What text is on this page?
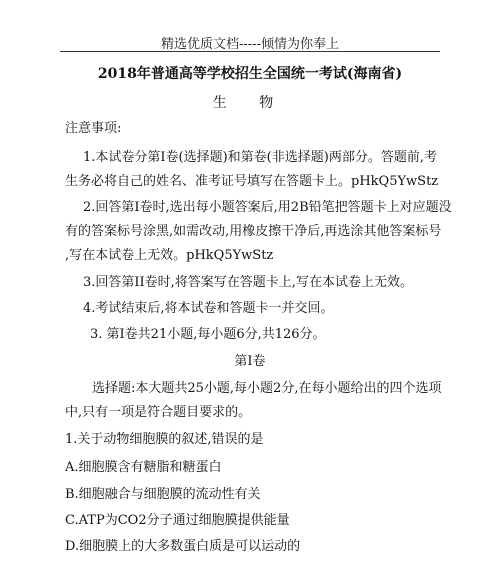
精选优质文档-----倾情为你奉上
2018年普通高等学校招生全国统一考试(海南省)
生 物
注意事项:
1.本试卷分第Ⅰ卷(选择题)和第卷(非选择题)两部分。答题前,考
生务必将自己的姓名、准考证号填写在答题卡上。pHkQ5YwStz
2.回答第Ⅰ卷时,选出每小题答案后,用2B铅笔把答题卡上对应题没
有的答案标号涂黑,如需改动,用橡皮擦干净后,再选涂其他答案标号
,写在本试卷上无效。pHkQ5YwStz
3.回答第II卷时,将答案写在答题卡上,写在本试卷上无效。
4.考试结束后,将本试卷和答题卡一并交回。
3. 第Ⅰ卷共21小题,每小题6分,共126分。
第Ⅰ卷
选择题:本大题共25小题,每小题2分,在每小题给出的四个选项
中,只有一项是符合题目要求的。
1.关于动物细胞膜的叙述,错误的是
A.细胞膜含有糖脂和糖蛋白
B.细胞融合与细胞膜的流动性有关
C.ATP为CO2分子通过细胞膜提供能量
D.细胞膜上的大多数蛋白质是可以运动的
